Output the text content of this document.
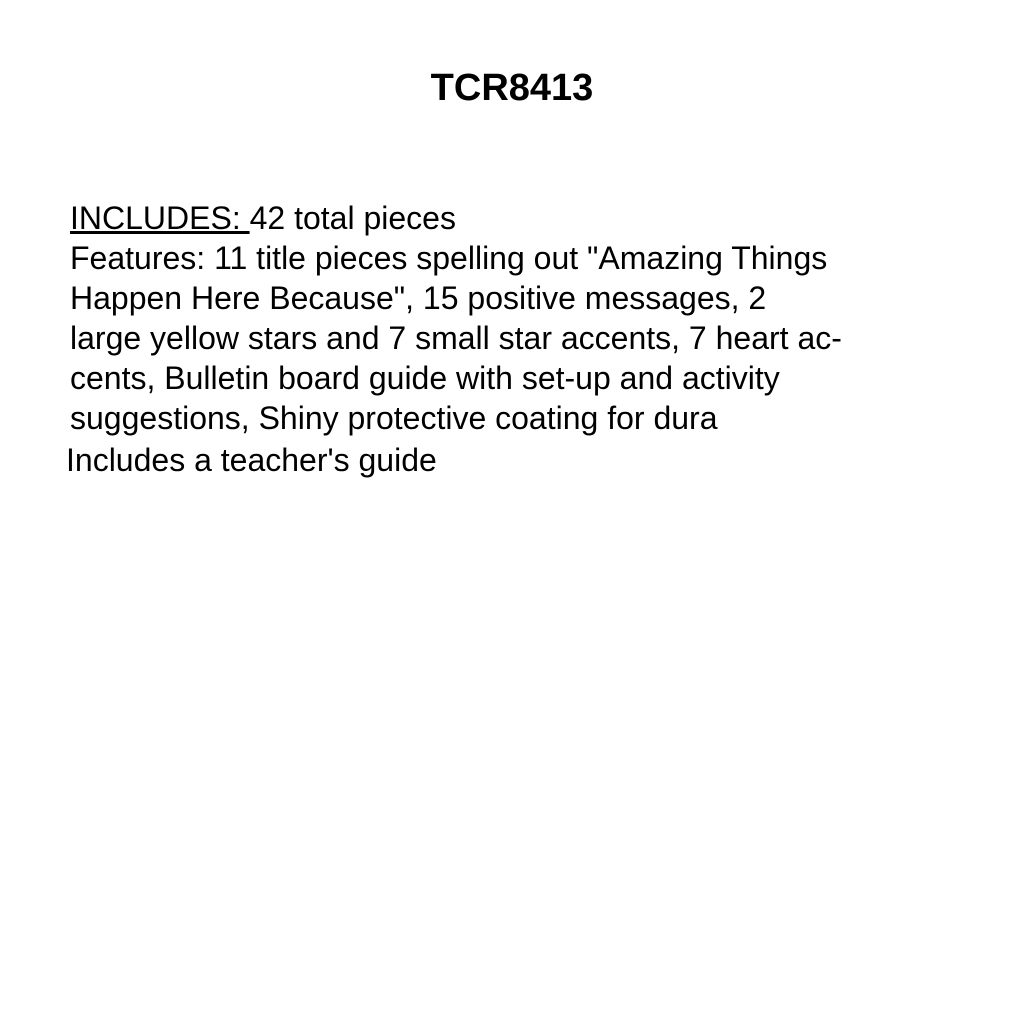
TCR8413

INCLUDES: 42 total pieces

Features: 11 title pieces spelling out "Amazing Things

Happen Here Because", 15 positive messages, 2

large yellow stars and 7 small star accents, 7 heart ac-

cents, Bulletin board guide with set-up and activity

suggestions, Shiny protective coating for dura

Includes a teacher's guide
